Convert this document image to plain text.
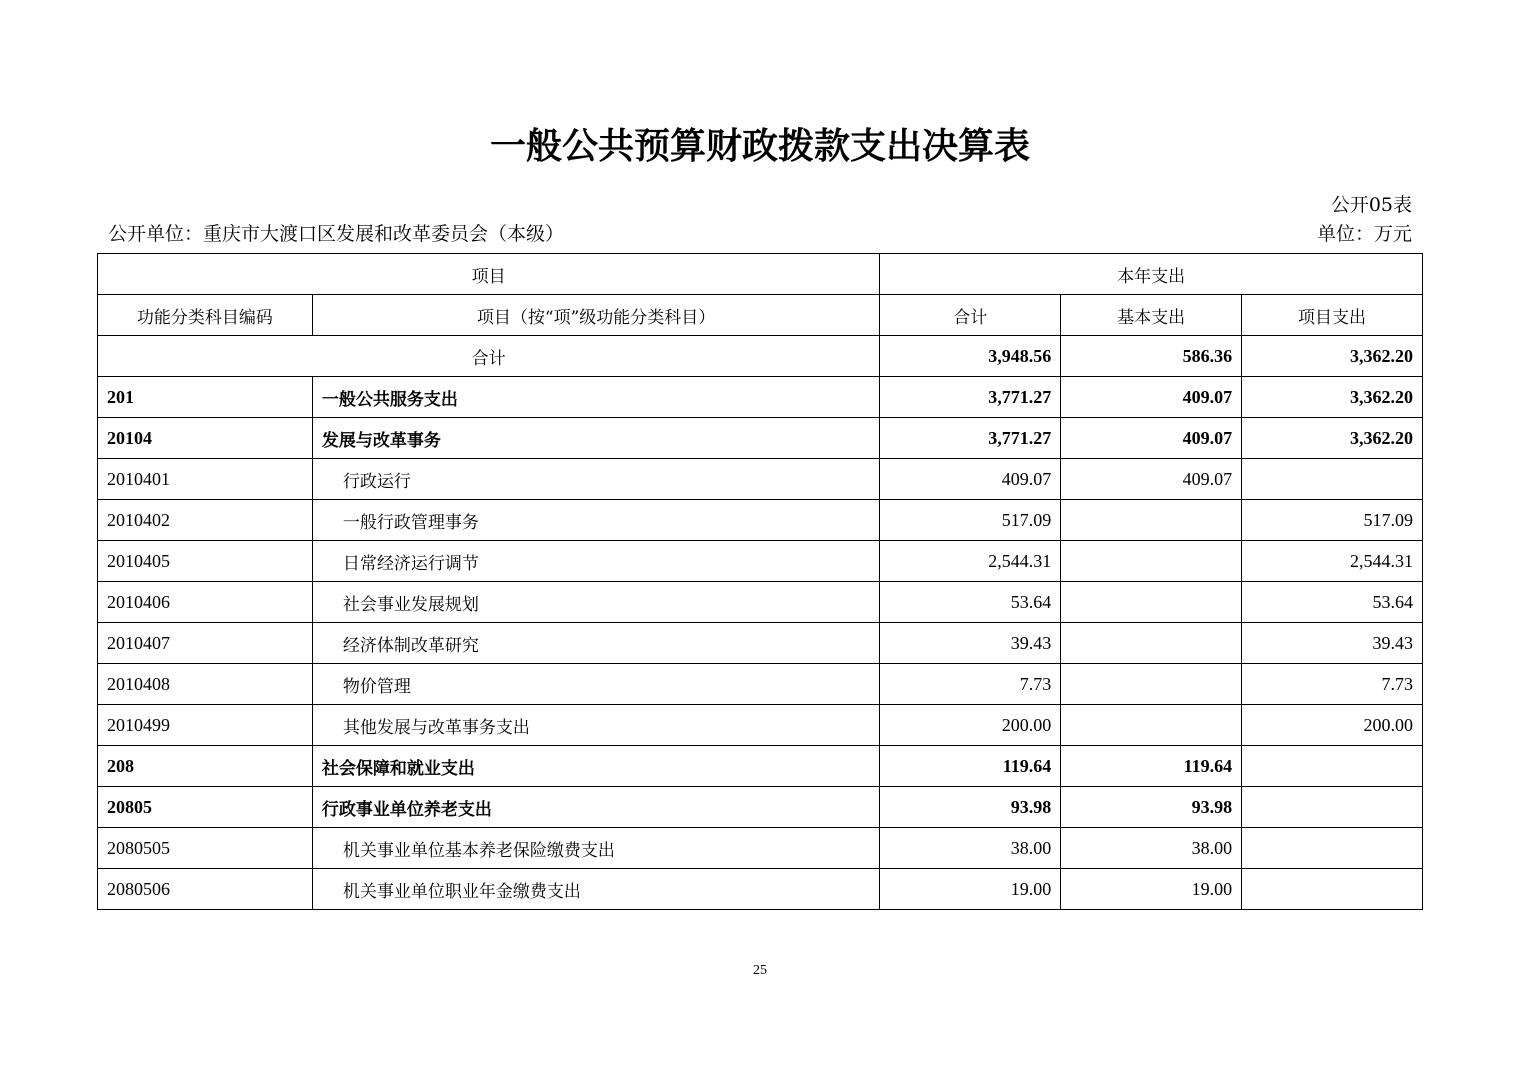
一般公共预算财政拨款支出决算表
公开05表
公开单位：重庆市大渡口区发展和改革委员会（本级）	单位：万元
项目		本年支出		
功能分类科目编码	项目（按“项”级功能分类科目）	合计	基本支出	项目支出
合计		3,948.56	586.36	3,362.20
201	一般公共服务支出	3,771.27	409.07	3,362.20
20104	发展与改革事务	3,771.27	409.07	3,362.20
2010401	行政运行	409.07	409.07	
2010402	一般行政管理事务	517.09		517.09
2010405	日常经济运行调节	2,544.31		2,544.31
2010406	社会事业发展规划	53.64		53.64
2010407	经济体制改革研究	39.43		39.43
2010408	物价管理	7.73		7.73
2010499	其他发展与改革事务支出	200.00		200.00
208	社会保障和就业支出	119.64	119.64	
20805	行政事业单位养老支出	93.98	93.98	
2080505	机关事业单位基本养老保险缴费支出	38.00	38.00	
2080506	机关事业单位职业年金缴费支出	19.00	19.00	
25
